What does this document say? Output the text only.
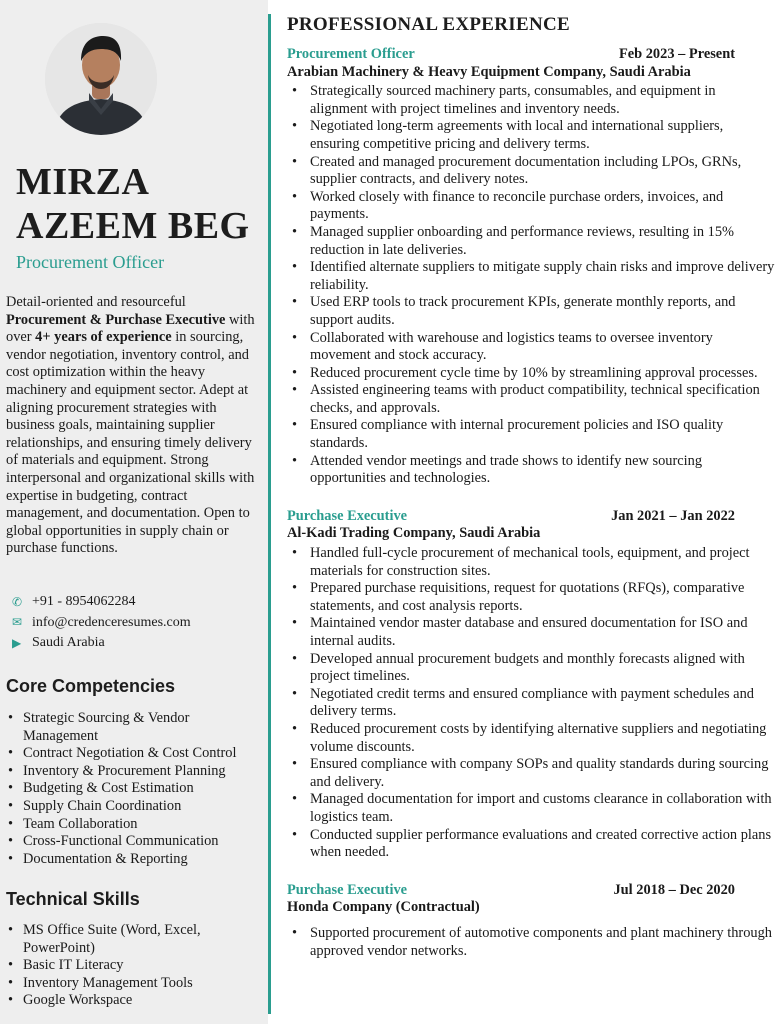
MIRZA
AZEEM BEG
Procurement Officer
Detail-oriented and resourceful Procurement & Purchase Executive with over 4+ years of experience in sourcing, vendor negotiation, inventory control, and cost optimization within the heavy machinery and equipment sector. Adept at aligning procurement strategies with business goals, maintaining supplier relationships, and ensuring timely delivery of materials and equipment. Strong interpersonal and organizational skills with expertise in budgeting, contract management, and documentation. Open to global opportunities in supply chain or purchase functions.
✆ +91 - 8954062284
✉ info@credenceresumes.com
▶ Saudi Arabia
Core Competencies
• Strategic Sourcing & Vendor Management
• Contract Negotiation & Cost Control
• Inventory & Procurement Planning
• Budgeting & Cost Estimation
• Supply Chain Coordination
• Team Collaboration
• Cross-Functional Communication
• Documentation & Reporting
Technical Skills
• MS Office Suite (Word, Excel, PowerPoint)
• Basic IT Literacy
• Inventory Management Tools
• Google Workspace
PROFESSIONAL EXPERIENCE
Procurement Officer	Feb 2023 – Present
Arabian Machinery & Heavy Equipment Company, Saudi Arabia
• Strategically sourced machinery parts, consumables, and equipment in alignment with project timelines and inventory needs.
• Negotiated long-term agreements with local and international suppliers, ensuring competitive pricing and delivery terms.
• Created and managed procurement documentation including LPOs, GRNs, supplier contracts, and delivery notes.
• Worked closely with finance to reconcile purchase orders, invoices, and payments.
• Managed supplier onboarding and performance reviews, resulting in 15% reduction in late deliveries.
• Identified alternate suppliers to mitigate supply chain risks and improve delivery reliability.
• Used ERP tools to track procurement KPIs, generate monthly reports, and support audits.
• Collaborated with warehouse and logistics teams to oversee inventory movement and stock accuracy.
• Reduced procurement cycle time by 10% by streamlining approval processes.
• Assisted engineering teams with product compatibility, technical specification checks, and approvals.
• Ensured compliance with internal procurement policies and ISO quality standards.
• Attended vendor meetings and trade shows to identify new sourcing opportunities and technologies.
Purchase Executive	Jan 2021 – Jan 2022
Al-Kadi Trading Company, Saudi Arabia
• Handled full-cycle procurement of mechanical tools, equipment, and project materials for construction sites.
• Prepared purchase requisitions, request for quotations (RFQs), comparative statements, and cost analysis reports.
• Maintained vendor master database and ensured documentation for ISO and internal audits.
• Developed annual procurement budgets and monthly forecasts aligned with project timelines.
• Negotiated credit terms and ensured compliance with payment schedules and delivery terms.
• Reduced procurement costs by identifying alternative suppliers and negotiating volume discounts.
• Ensured compliance with company SOPs and quality standards during sourcing and delivery.
• Managed documentation for import and customs clearance in collaboration with logistics team.
• Conducted supplier performance evaluations and created corrective action plans when needed.
Purchase Executive	Jul 2018 – Dec 2020
Honda Company (Contractual)
• Supported procurement of automotive components and plant machinery through approved vendor networks.
